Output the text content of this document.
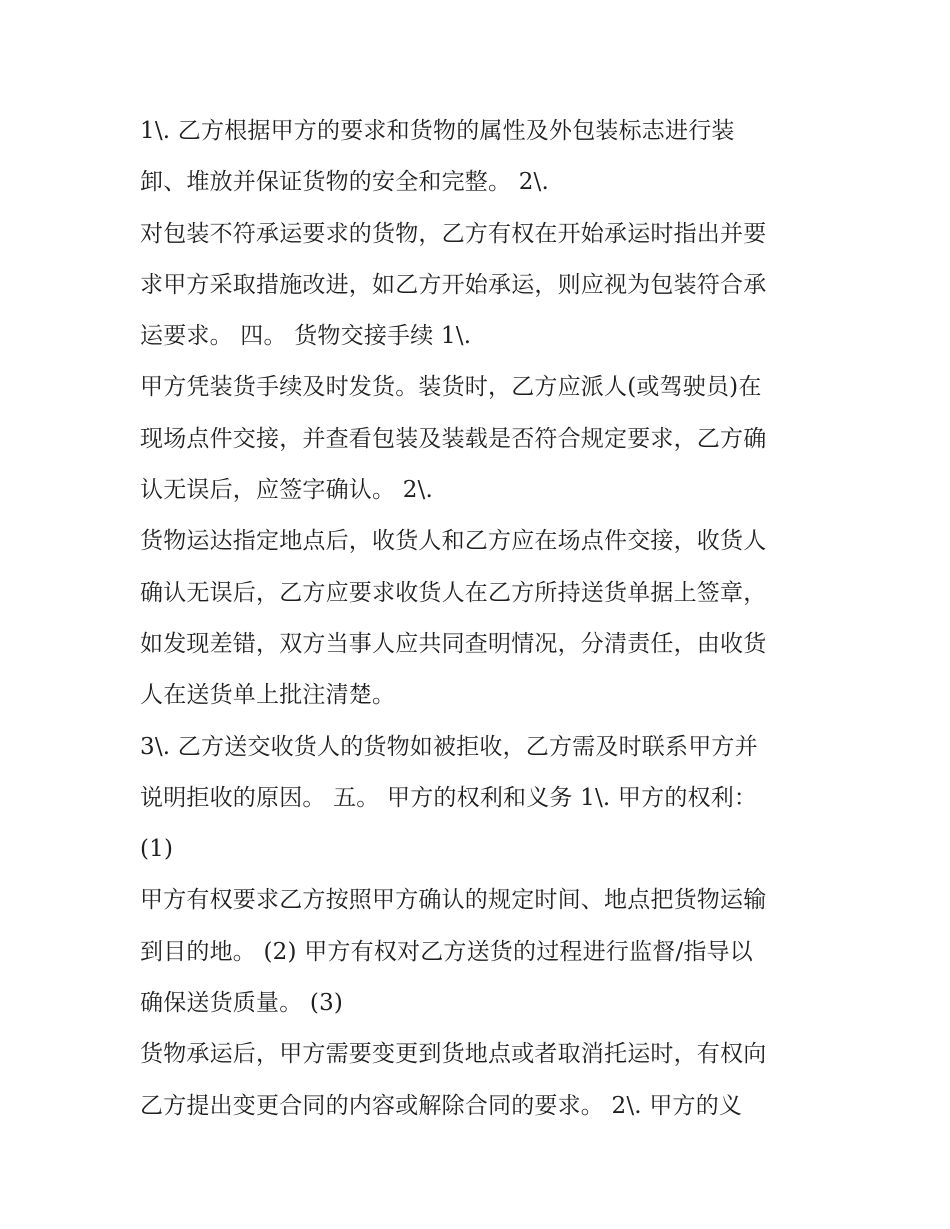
1\. 乙方根据甲方的要求和货物的属性及外包装标志进行装
卸、堆放并保证货物的安全和完整。 2\.
对包装不符承运要求的货物，乙方有权在开始承运时指出并要
求甲方采取措施改进，如乙方开始承运，则应视为包装符合承
运要求。 四。 货物交接手续 1\.
甲方凭装货手续及时发货。装货时，乙方应派人(或驾驶员)在
现场点件交接，并查看包装及装载是否符合规定要求，乙方确
认无误后，应签字确认。 2\.
货物运达指定地点后，收货人和乙方应在场点件交接，收货人
确认无误后，乙方应要求收货人在乙方所持送货单据上签章，
如发现差错，双方当事人应共同查明情况，分清责任，由收货
人在送货单上批注清楚。
3\. 乙方送交收货人的货物如被拒收，乙方需及时联系甲方并
说明拒收的原因。 五。 甲方的权利和义务 1\. 甲方的权利：
(1)
甲方有权要求乙方按照甲方确认的规定时间、地点把货物运输
到目的地。 (2) 甲方有权对乙方送货的过程进行监督/指导以
确保送货质量。 (3)
货物承运后，甲方需要变更到货地点或者取消托运时，有权向
乙方提出变更合同的内容或解除合同的要求。 2\. 甲方的义
